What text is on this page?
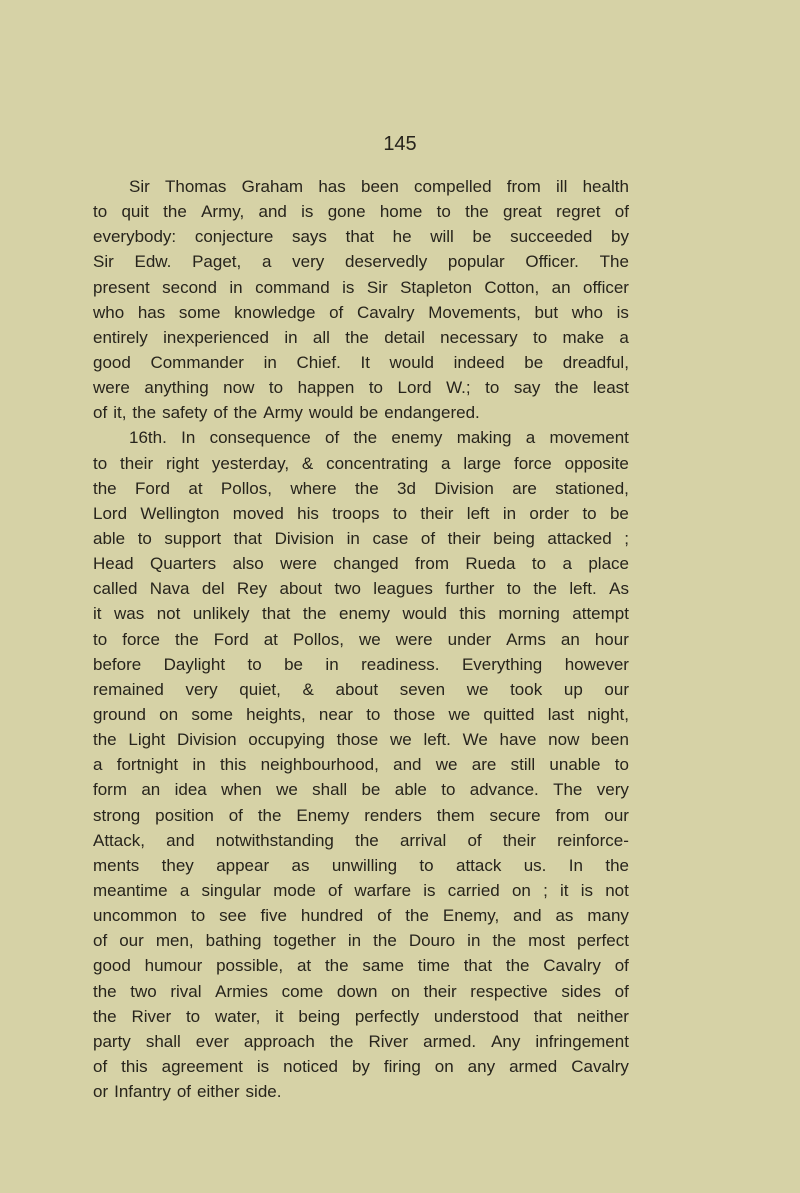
145
Sir Thomas Graham has been compelled from ill health
to quit the Army, and is gone home to the great regret of
everybody: conjecture says that he will be succeeded by
Sir Edw. Paget, a very deservedly popular Officer. The
present second in command is Sir Stapleton Cotton, an officer
who has some knowledge of Cavalry Movements, but who is
entirely inexperienced in all the detail necessary to make a
good Commander in Chief. It would indeed be dreadful,
were anything now to happen to Lord W.; to say the least
of it, the safety of the Army would be endangered.
16th. In consequence of the enemy making a movement
to their right yesterday, & concentrating a large force opposite
the Ford at Pollos, where the 3d Division are stationed,
Lord Wellington moved his troops to their left in order to be
able to support that Division in case of their being attacked ;
Head Quarters also were changed from Rueda to a place
called Nava del Rey about two leagues further to the left. As
it was not unlikely that the enemy would this morning attempt
to force the Ford at Pollos, we were under Arms an hour
before Daylight to be in readiness. Everything however
remained very quiet, & about seven we took up our
ground on some heights, near to those we quitted last night,
the Light Division occupying those we left. We have now been
a fortnight in this neighbourhood, and we are still unable to
form an idea when we shall be able to advance. The very
strong position of the Enemy renders them secure from our
Attack, and notwithstanding the arrival of their reinforce-
ments they appear as unwilling to attack us. In the
meantime a singular mode of warfare is carried on ; it is not
uncommon to see five hundred of the Enemy, and as many
of our men, bathing together in the Douro in the most perfect
good humour possible, at the same time that the Cavalry of
the two rival Armies come down on their respective sides of
the River to water, it being perfectly understood that neither
party shall ever approach the River armed. Any infringement
of this agreement is noticed by firing on any armed Cavalry
or Infantry of either side.
